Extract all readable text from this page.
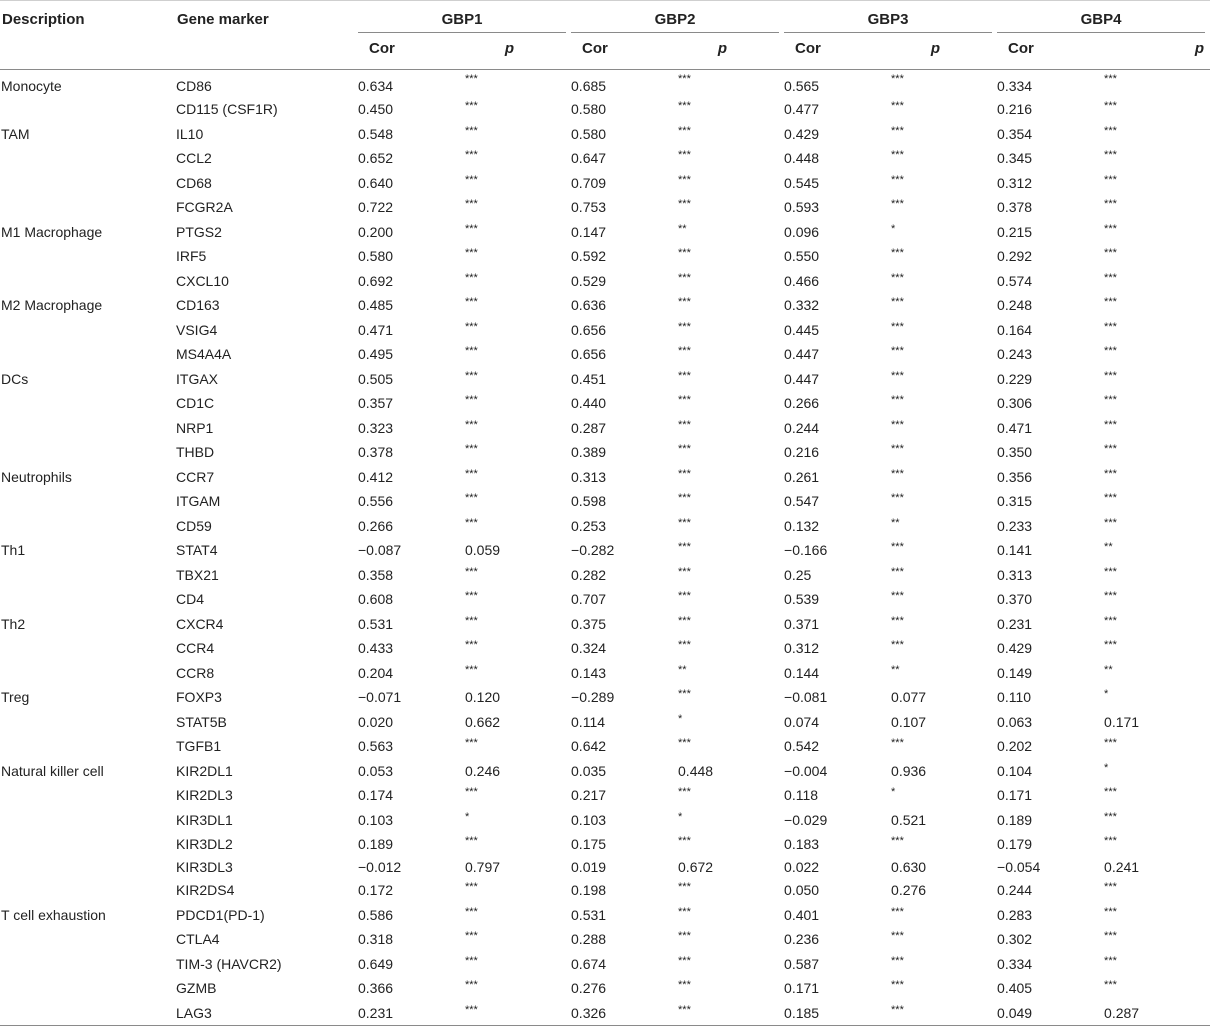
Description	Gene marker	GBP1		GBP2		GBP3		GBP4	

		Cor	p	Cor	p	Cor	p	Cor	p
Monocyte	CD86	0.634	***	0.685	***	0.565	***	0.334	***
	CD115 (CSF1R)	0.450	***	0.580	***	0.477	***	0.216	***
TAM	IL10	0.548	***	0.580	***	0.429	***	0.354	***
	CCL2	0.652	***	0.647	***	0.448	***	0.345	***
	CD68	0.640	***	0.709	***	0.545	***	0.312	***
	FCGR2A	0.722	***	0.753	***	0.593	***	0.378	***
M1 Macrophage	PTGS2	0.200	***	0.147	**	0.096	*	0.215	***
	IRF5	0.580	***	0.592	***	0.550	***	0.292	***
	CXCL10	0.692	***	0.529	***	0.466	***	0.574	***
M2 Macrophage	CD163	0.485	***	0.636	***	0.332	***	0.248	***
	VSIG4	0.471	***	0.656	***	0.445	***	0.164	***
	MS4A4A	0.495	***	0.656	***	0.447	***	0.243	***
DCs	ITGAX	0.505	***	0.451	***	0.447	***	0.229	***
	CD1C	0.357	***	0.440	***	0.266	***	0.306	***
	NRP1	0.323	***	0.287	***	0.244	***	0.471	***
	THBD	0.378	***	0.389	***	0.216	***	0.350	***
Neutrophils	CCR7	0.412	***	0.313	***	0.261	***	0.356	***
	ITGAM	0.556	***	0.598	***	0.547	***	0.315	***
	CD59	0.266	***	0.253	***	0.132	**	0.233	***
Th1	STAT4	−0.087	0.059	−0.282	***	−0.166	***	0.141	**
	TBX21	0.358	***	0.282	***	0.25	***	0.313	***
	CD4	0.608	***	0.707	***	0.539	***	0.370	***
Th2	CXCR4	0.531	***	0.375	***	0.371	***	0.231	***
	CCR4	0.433	***	0.324	***	0.312	***	0.429	***
	CCR8	0.204	***	0.143	**	0.144	**	0.149	**
Treg	FOXP3	−0.071	0.120	−0.289	***	−0.081	0.077	0.110	*
	STAT5B	0.020	0.662	0.114	*	0.074	0.107	0.063	0.171
	TGFB1	0.563	***	0.642	***	0.542	***	0.202	***
Natural killer cell	KIR2DL1	0.053	0.246	0.035	0.448	−0.004	0.936	0.104	*
	KIR2DL3	0.174	***	0.217	***	0.118	*	0.171	***
	KIR3DL1	0.103	*	0.103	*	−0.029	0.521	0.189	***
	KIR3DL2	0.189	***	0.175	***	0.183	***	0.179	***
	KIR3DL3	−0.012	0.797	0.019	0.672	0.022	0.630	−0.054	0.241
	KIR2DS4	0.172	***	0.198	***	0.050	0.276	0.244	***
T cell exhaustion	PDCD1(PD-1)	0.586	***	0.531	***	0.401	***	0.283	***
	CTLA4	0.318	***	0.288	***	0.236	***	0.302	***
	TIM-3 (HAVCR2)	0.649	***	0.674	***	0.587	***	0.334	***
	GZMB	0.366	***	0.276	***	0.171	***	0.405	***
	LAG3	0.231	***	0.326	***	0.185	***	0.049	0.287
